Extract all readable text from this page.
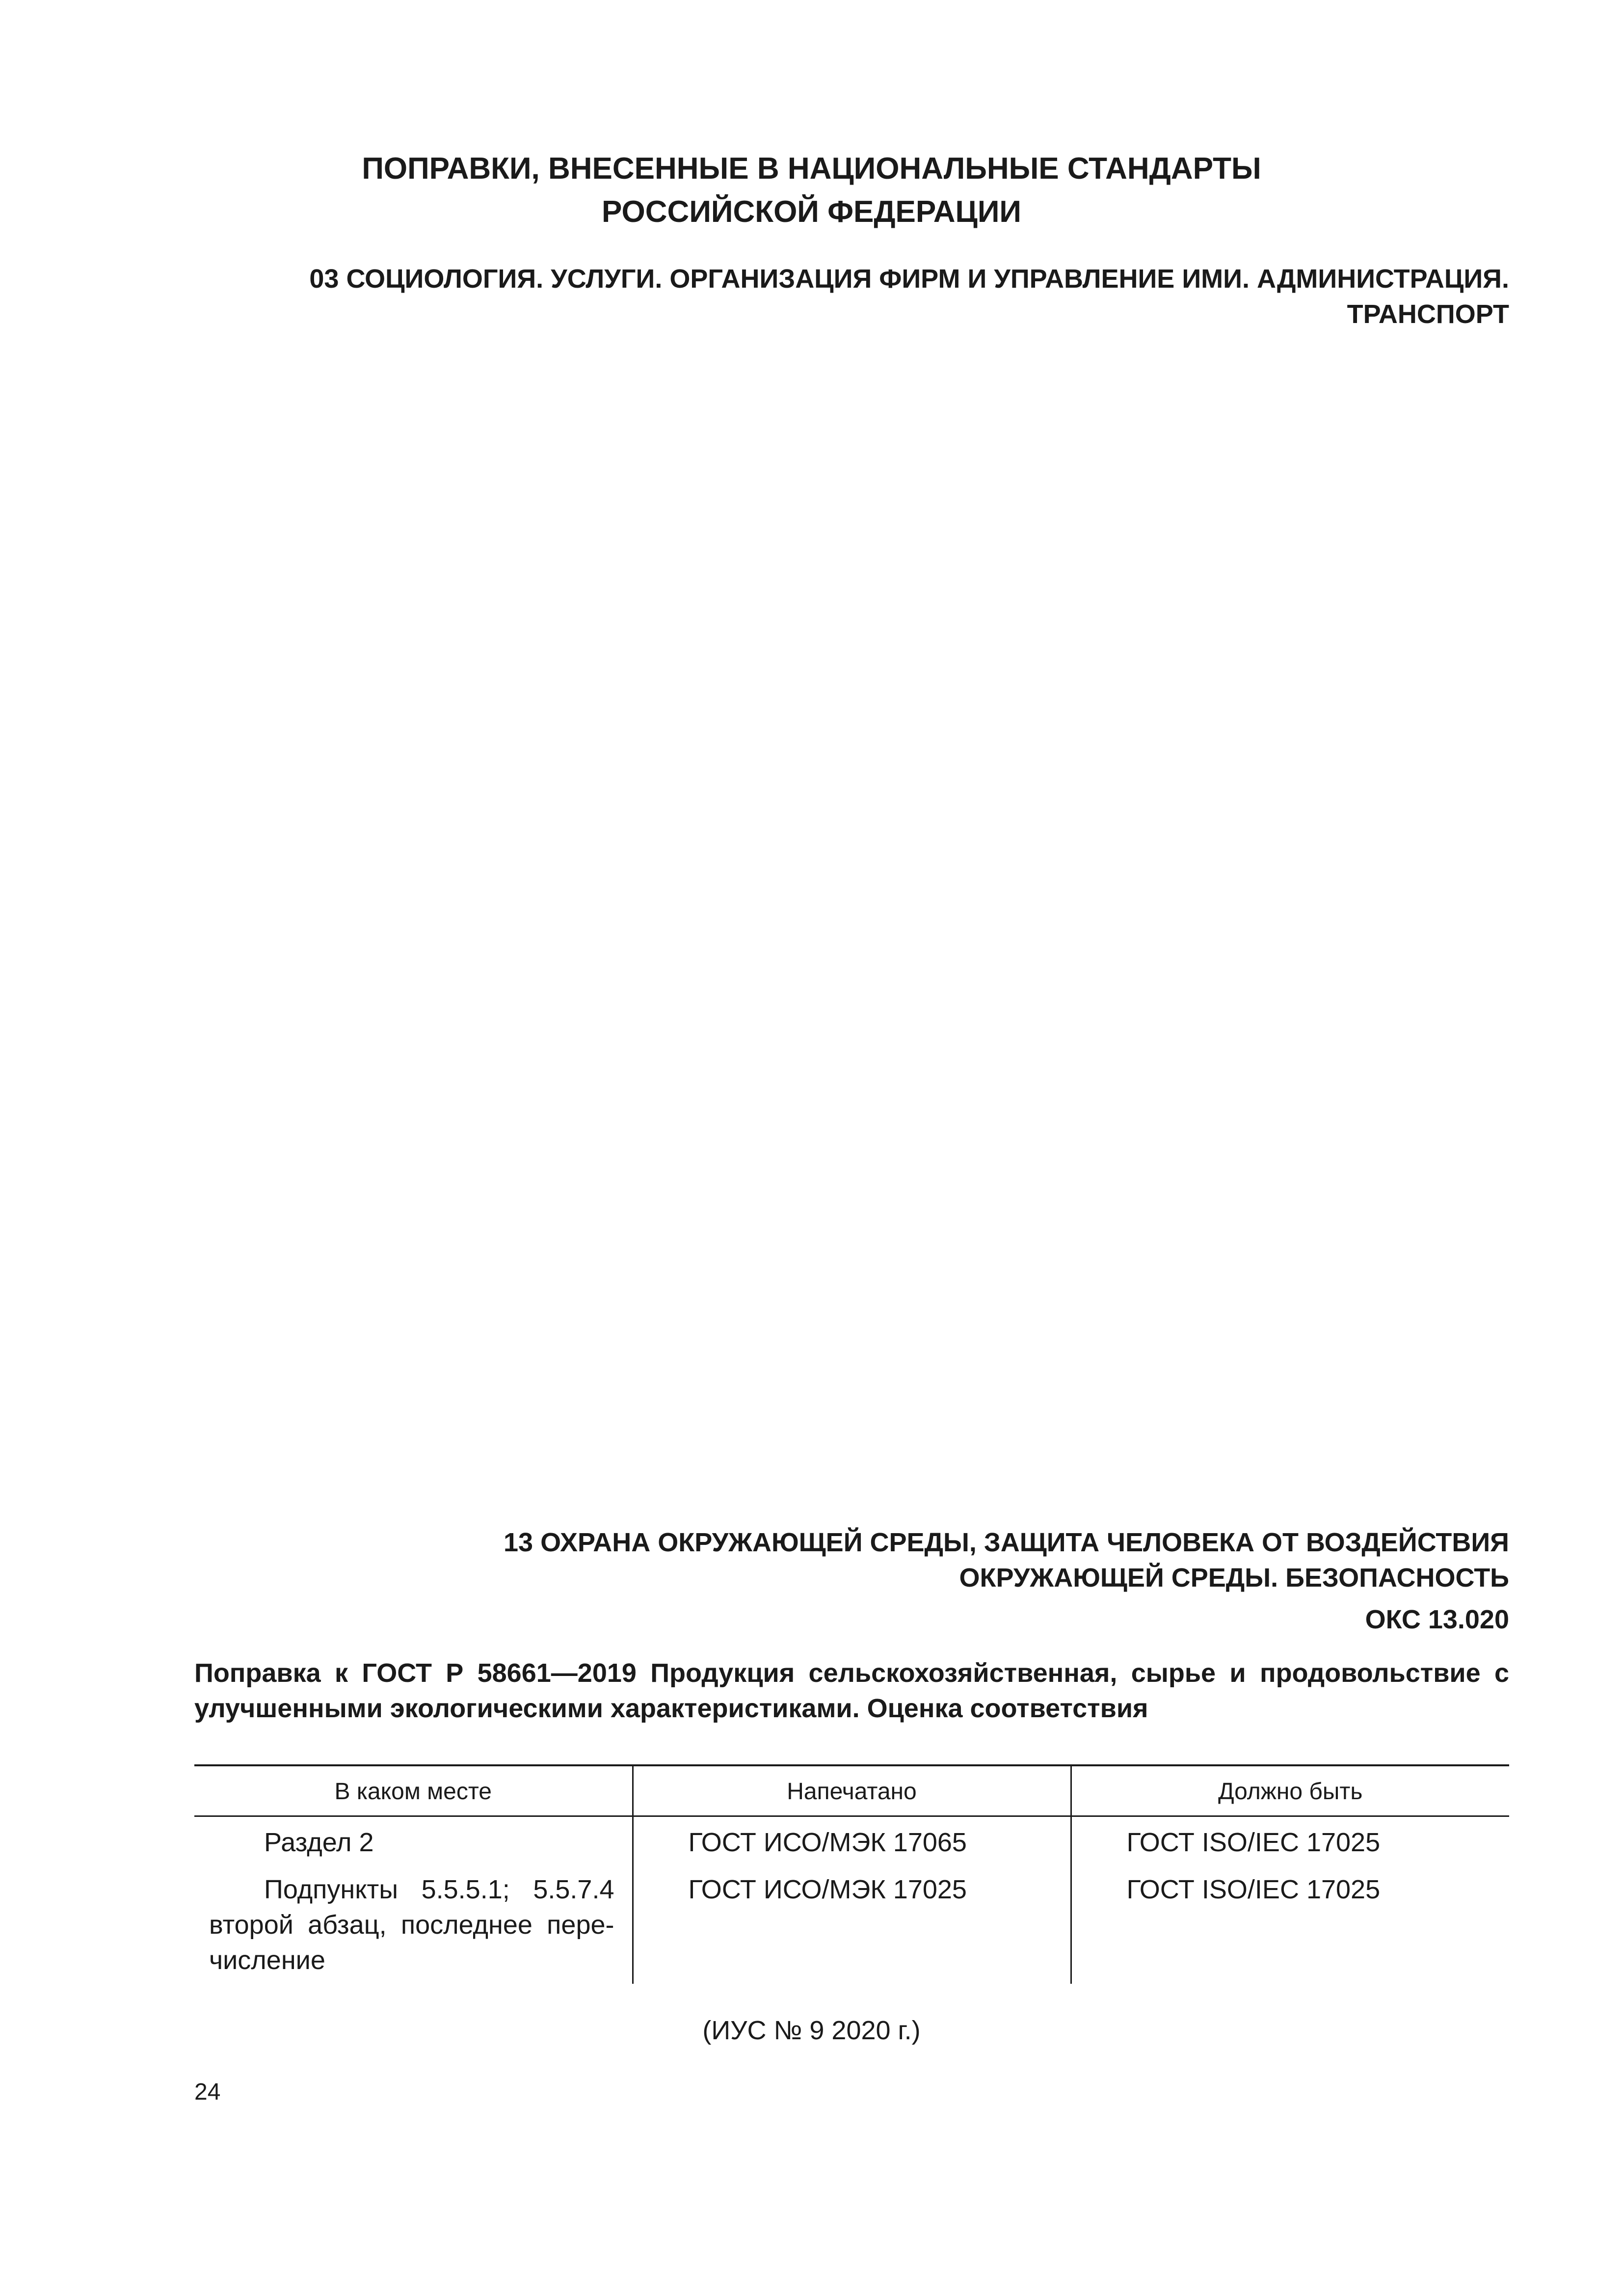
ПОПРАВКИ, ВНЕСЕННЫЕ В НАЦИОНАЛЬНЫЕ СТАНДАРТЫ
РОССИЙСКОЙ ФЕДЕРАЦИИ
03 СОЦИОЛОГИЯ. УСЛУГИ. ОРГАНИЗАЦИЯ ФИРМ И УПРАВЛЕНИЕ ИМИ. АДМИНИСТРАЦИЯ.
ТРАНСПОРТ
13 ОХРАНА ОКРУЖАЮЩЕЙ СРЕДЫ, ЗАЩИТА ЧЕЛОВЕКА ОТ ВОЗДЕЙСТВИЯ
ОКРУЖАЮЩЕЙ СРЕДЫ. БЕЗОПАСНОСТЬ
ОКС 13.020
Поправка к ГОСТ Р 58661—2019 Продукция сельскохозяйственная, сырье и продовольствие с улучшенными экологическими характеристиками. Оценка соответствия
В каком месте	Напечатано	Должно быть
Раздел 2	ГОСТ ИСО/МЭК 17065	ГОСТ ISO/IEC 17025
Подпункты 5.5.5.1; 5.5.7.4 второй абзац, последнее пере-числение	ГОСТ ИСО/МЭК 17025	ГОСТ ISO/IEC 17025
(ИУС № 9 2020 г.)
24
